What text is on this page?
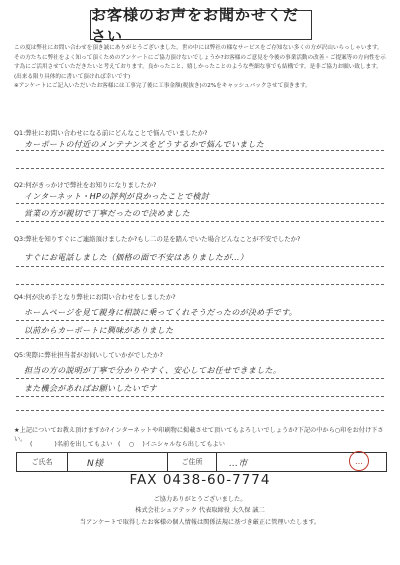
お客様のお声をお聞かせください
この度は弊社にお問い合わせを頂き誠にありがとうございました。世の中には弊社の様なサービスをご存知ない多くの方が沢山いらっしゃいます。その方たちに弊社をよく知って頂くためのアンケートにご協力頂けないでしょうか?お客様のご意見を今後の事業活動の改善・ご提案等の方向性を示す為にご活用させていただきたいと考えております。良かったこと、嬉しかったことのような些細な事でも結構です。是非ご協力お願い致します。(出来る限り具体的に書いて頂ければ幸いです)
※アンケートにご記入いただいたお客様には工事完了後に工事金額(税抜き)の2%をキャッシュバックさせて頂きます。
Q1:弊社にお問い合わせになる前にどんなことで悩んでいましたか?
カーポートの付近のメンテナンスをどうするかで悩んでいました
Q2:何がきっかけで弊社をお知りになりましたか?
インターネット・HPの評判が良かったことで検討
営業の方が親切で丁寧だったので決めました
Q3:弊社を知りすぐにご連絡頂けましたか?もし二の足を踏んでいた場合どんなことが不安でしたか?
すぐにお電話しました（価格の面で不安はありましたが…）
Q4:何が決め手となり弊社にお問い合わせをしましたか?
ホームページを見て親身に相談に乗ってくれそうだったのが決め手です。
以前からカーポートに興味がありました
Q5:実際に弊社担当者がお伺いしていかがでしたか?
担当の方の説明が丁寧で分かりやすく、安心してお任せできました。
また機会があればお願いしたいです
★上記についてお教え頂けますか?インターネットや印刷物に掲載させて頂いてもよろしいでしょうか?下記の中から○印をお付け下さい。
(	)名前を出してもよい ( ○ )イニシャルなら出してもよい
ご氏名	N様	ご住所	…市	…
FAX 0438-60-7774
ご協力ありがとうございました。
株式会社シェアテック 代表取締役 大久保 誠二
当アンケートで取得したお客様の個人情報は関係法規に基づき厳正に管理いたします。
